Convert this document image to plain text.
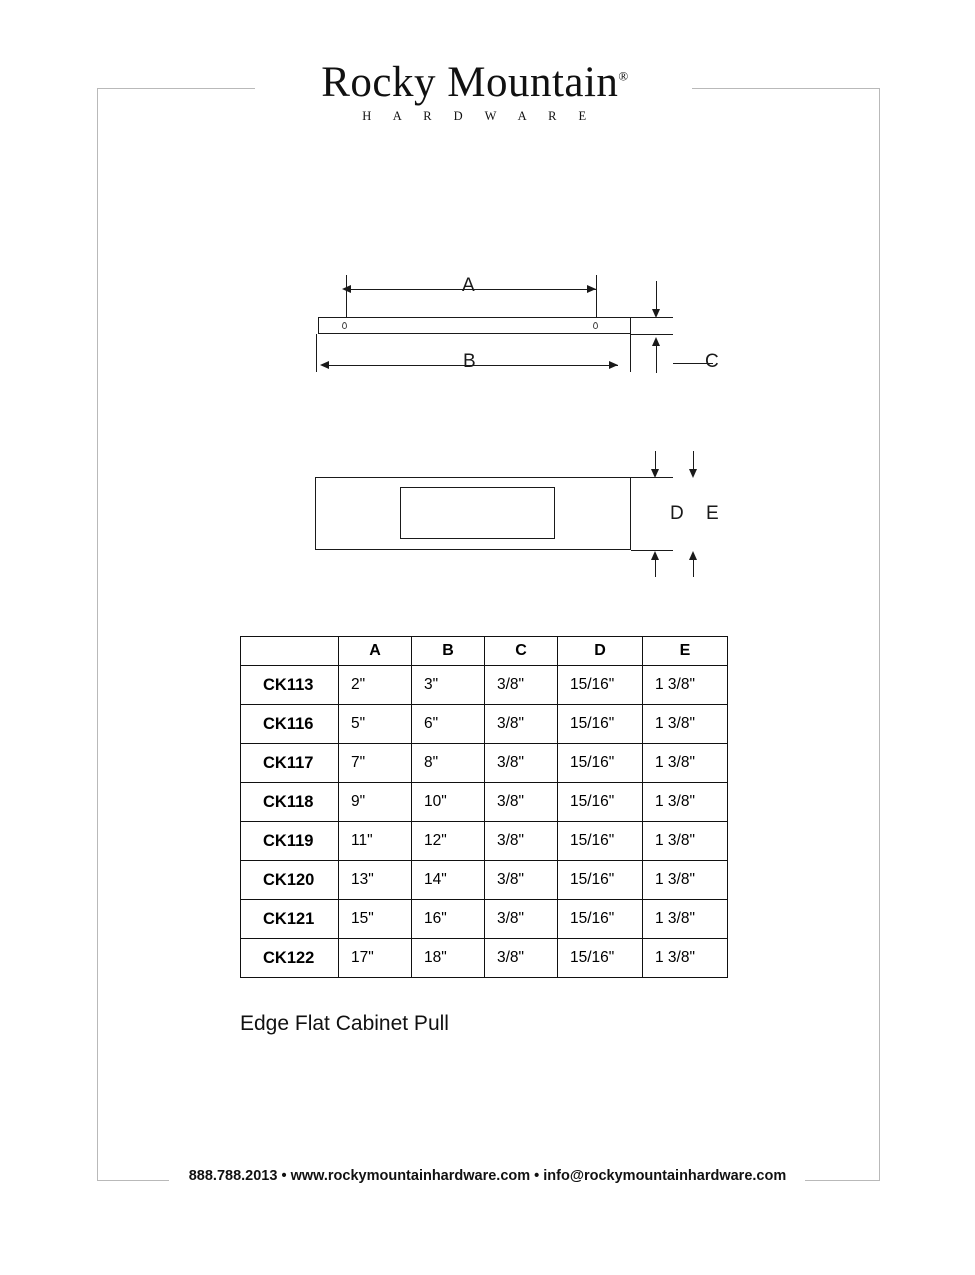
Rocky Mountain®
H A R D W A R E
A
B	C
D E
	A	B	C	D	E
CK113	2"	3"	3/8"	15/16"	1 3/8"
CK116	5"	6"	3/8"	15/16"	1 3/8"
CK117	7"	8"	3/8"	15/16"	1 3/8"
CK118	9"	10"	3/8"	15/16"	1 3/8"
CK119	11"	12"	3/8"	15/16"	1 3/8"
CK120	13"	14"	3/8"	15/16"	1 3/8"
CK121	15"	16"	3/8"	15/16"	1 3/8"
CK122	17"	18"	3/8"	15/16"	1 3/8"
Edge Flat Cabinet Pull
888.788.2013 • www.rockymountainhardware.com • info@rockymountainhardware.com
